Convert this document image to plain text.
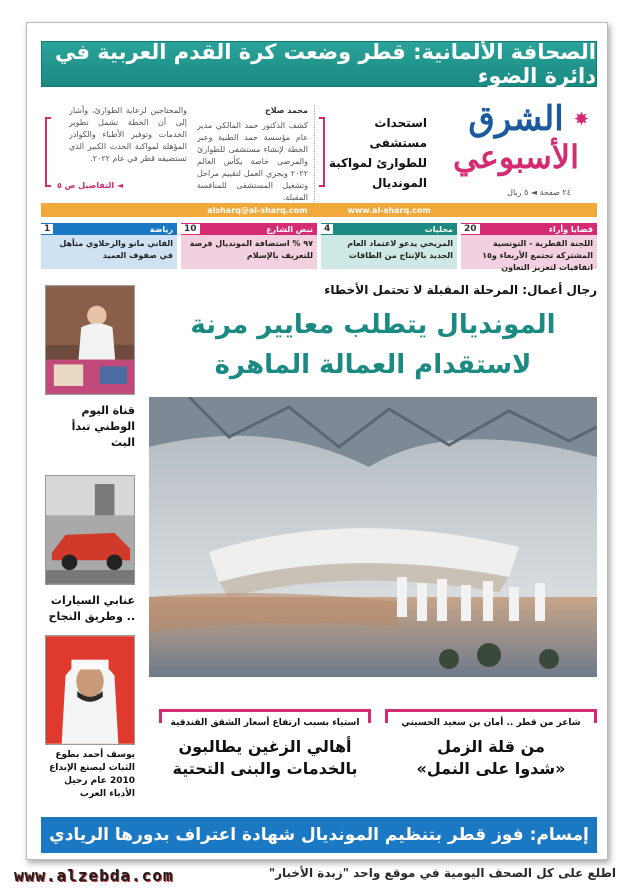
الصحافة الألمانية: قطر وضعت كرة القدم العربية في دائرة الضوء
✸
الشرق
الأسبوعي
٢٤ صفحة ◄ ٥ ريال
استحداث مستشفى للطوارئ لمواكبة المونديال
محمد صلاح
كشف الدكتور حمد المالكي مدير عام مؤسسة حمد الطبية وعبر الخطة لإنشاء مستشفى للطوارئ والمرضى خاصة بكأس العالم ٢٠٢٢ ويجري العمل لتقييم مراحل وتشغيل المستشفى للمنافسة المقبلة.
والمحتاجين لرعاية الطوارئ، وأشار إلى أن الخطة تشمل تطوير الخدمات وتوفير الأطباء والكوادر المؤهلة لمواكبة الحدث الكبير الذي تستضيفه قطر في عام ٢٠٢٢.
◄ التفاصيل ص ٥
www.al-sharq.com
alsharq@al-sharq.com
قضايا وأراء
20
اللجنة القطرية - التونسية المشتركة تجتمع الأربعاء و١٥ اتفاقيات لتعزيز التعاون
محليات
4
المريخي يدعو لاعتماد العام الجديد بالإنتاج من الطاقات
نبض الشارع
10
٩٧ % استضافة المونديال فرصة للتعريف بالإسلام
رياضة
1
الفاني مانو والزحلاوي متأهل في صفوف العميد
قناة اليوم الوطني تبدأ البث
عنابي السيارات .. وطريق النجاح
يوسف أحمد بطوع
الثبات ليصنع الإبداع
2010 عام رحيل الأدباء العرب
رجال أعمال: المرحلة المقبلة لا تحتمل الأخطاء
المونديال يتطلب معايير مرنة
لاستقدام العمالة الماهرة
شاعر من قطر .. أمان بن سعيد الحسيني
من قلة الزمل
«شدوا على النمل»
استياء بسبب ارتفاع أسعار الشقق الفندقية
أهالي الزغين يطالبون
بالخدمات والبنى التحتية
إمسام: فوز قطر بتنظيم المونديال شهادة اعتراف بدورها الريادي
www.alzebda.com	اطلع على كل الصحف اليومية في موقع واحد "زبدة الأخبار"
